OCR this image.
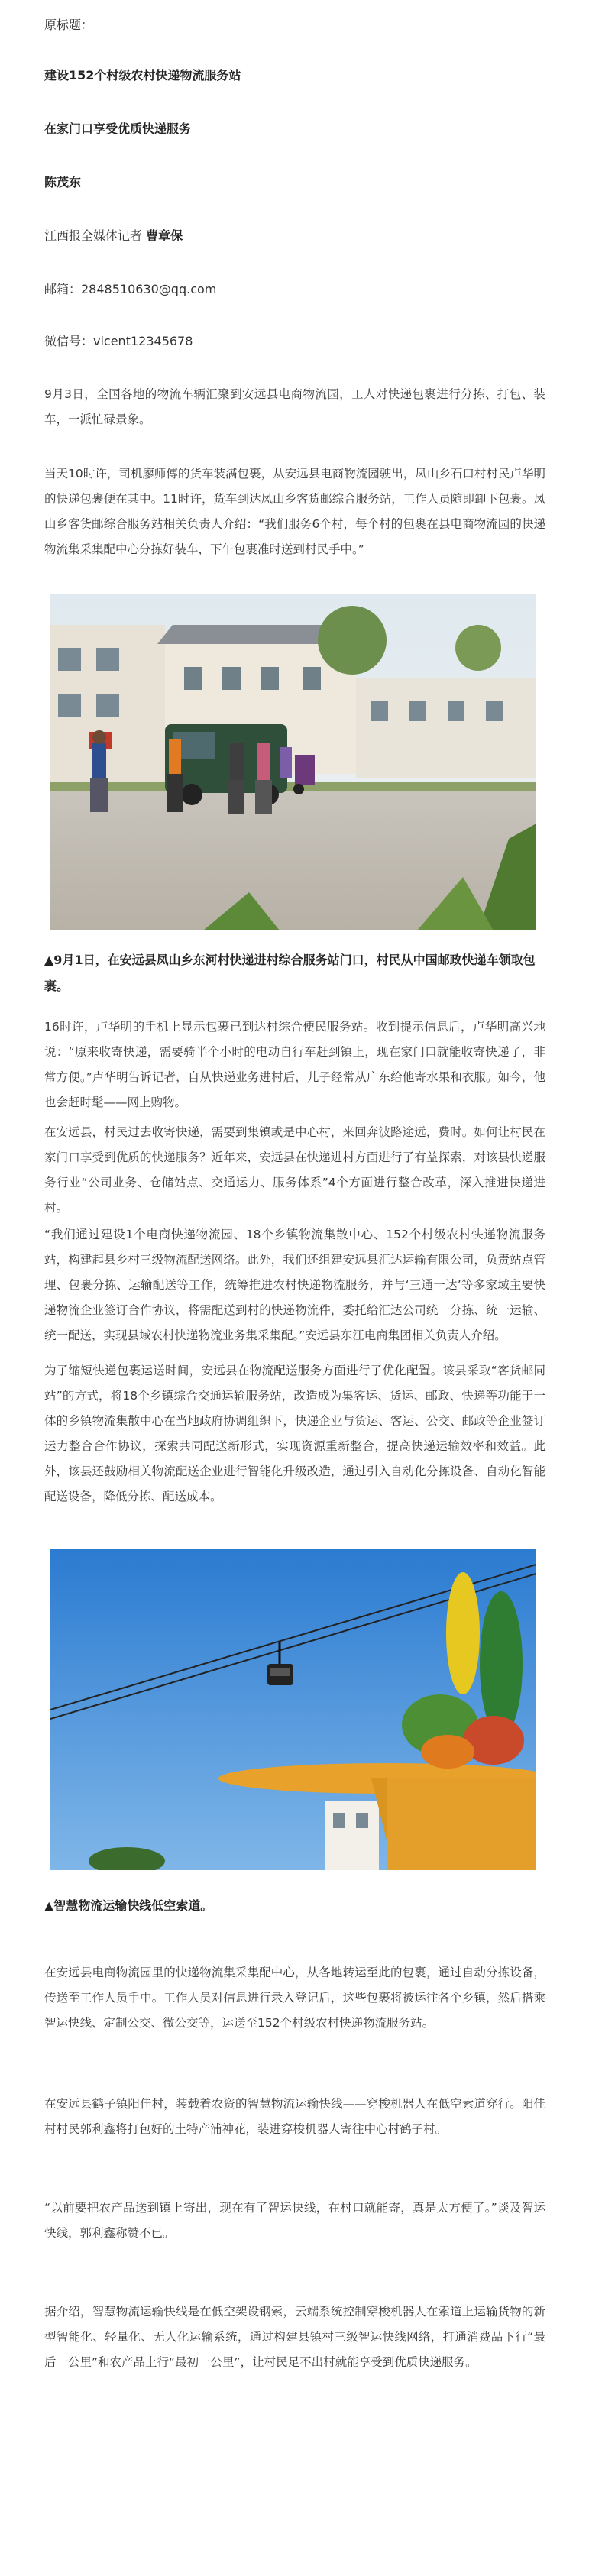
原标题：

建设152个村级农村快递物流服务站

在家门口享受优质快递服务

陈茂东

江西报全媒体记者 曹章保

邮箱：2848510630@qq.com

微信号：vicent12345678

9月3日，全国各地的物流车辆汇聚到安远县电商物流园，工人对快递包裹进行分拣、打包、装车，一派忙碌景象。

当天10时许，司机廖师傅的货车装满包裹，从安远县电商物流园驶出，凤山乡石口村村民卢华明的快递包裹便在其中。11时许，货车到达凤山乡客货邮综合服务站，工作人员随即卸下包裹。凤山乡客货邮综合服务站相关负责人介绍：“我们服务6个村，每个村的包裹在县电商物流园的快递物流集采集配中心分拣好装车，下午包裹准时送到村民手中。”

▲9月1日，在安远县凤山乡东河村快递进村综合服务站门口，村民从中国邮政快递车领取包裹。

16时许，卢华明的手机上显示包裹已到达村综合便民服务站。收到提示信息后，卢华明高兴地说：“原来收寄快递，需要骑半个小时的电动自行车赶到镇上，现在家门口就能收寄快递了，非常方便。”卢华明告诉记者，自从快递业务进村后，儿子经常从广东给他寄水果和衣服。如今，他也会赶时髦——网上购物。

在安远县，村民过去收寄快递，需要到集镇或是中心村，来回奔波路途远，费时。如何让村民在家门口享受到优质的快递服务？近年来，安远县在快递进村方面进行了有益探索，对该县快递服务行业“公司业务、仓储站点、交通运力、服务体系”4个方面进行整合改革，深入推进快递进村。

“我们通过建设1个电商快递物流园、18个乡镇物流集散中心、152个村级农村快递物流服务站，构建起县乡村三级物流配送网络。此外，我们还组建安远县汇达运输有限公司，负责站点管理、包裹分拣、运输配送等工作，统筹推进农村快递物流服务，并与‘三通一达’等多家域主要快递物流企业签订合作协议，将需配送到村的快递物流件，委托给汇达公司统一分拣、统一运输、统一配送，实现县域农村快递物流业务集采集配。”安远县东江电商集团相关负责人介绍。

为了缩短快递包裹运送时间，安远县在物流配送服务方面进行了优化配置。该县采取“客货邮同站”的方式，将18个乡镇综合交通运输服务站，改造成为集客运、货运、邮政、快递等功能于一体的乡镇物流集散中心在当地政府协调组织下，快递企业与货运、客运、公交、邮政等企业签订运力整合合作协议，探索共同配送新形式，实现资源重新整合，提高快递运输效率和效益。此外，该县还鼓励相关物流配送企业进行智能化升级改造，通过引入自动化分拣设备、自动化智能配送设备，降低分拣、配送成本。

▲智慧物流运输快线低空索道。

在安远县电商物流园里的快递物流集采集配中心，从各地转运至此的包裹，通过自动分拣设备，传送至工作人员手中。工作人员对信息进行录入登记后，这些包裹将被运往各个乡镇，然后搭乘智运快线、定制公交、微公交等，运送至152个村级农村快递物流服务站。

在安远县鹤子镇阳佳村，装载着农资的智慧物流运输快线——穿梭机器人在低空索道穿行。阳佳村村民郭利鑫将打包好的土特产浦神花，装进穿梭机器人寄往中心村鹤子村。

“以前要把农产品送到镇上寄出，现在有了智运快线，在村口就能寄，真是太方便了。”谈及智运快线，郭利鑫称赞不已。

据介绍，智慧物流运输快线是在低空架设钢索，云端系统控制穿梭机器人在索道上运输货物的新型智能化、轻量化、无人化运输系统，通过构建县镇村三级智运快线网络，打通消费品下行“最后一公里”和农产品上行“最初一公里”，让村民足不出村就能享受到优质快递服务。
